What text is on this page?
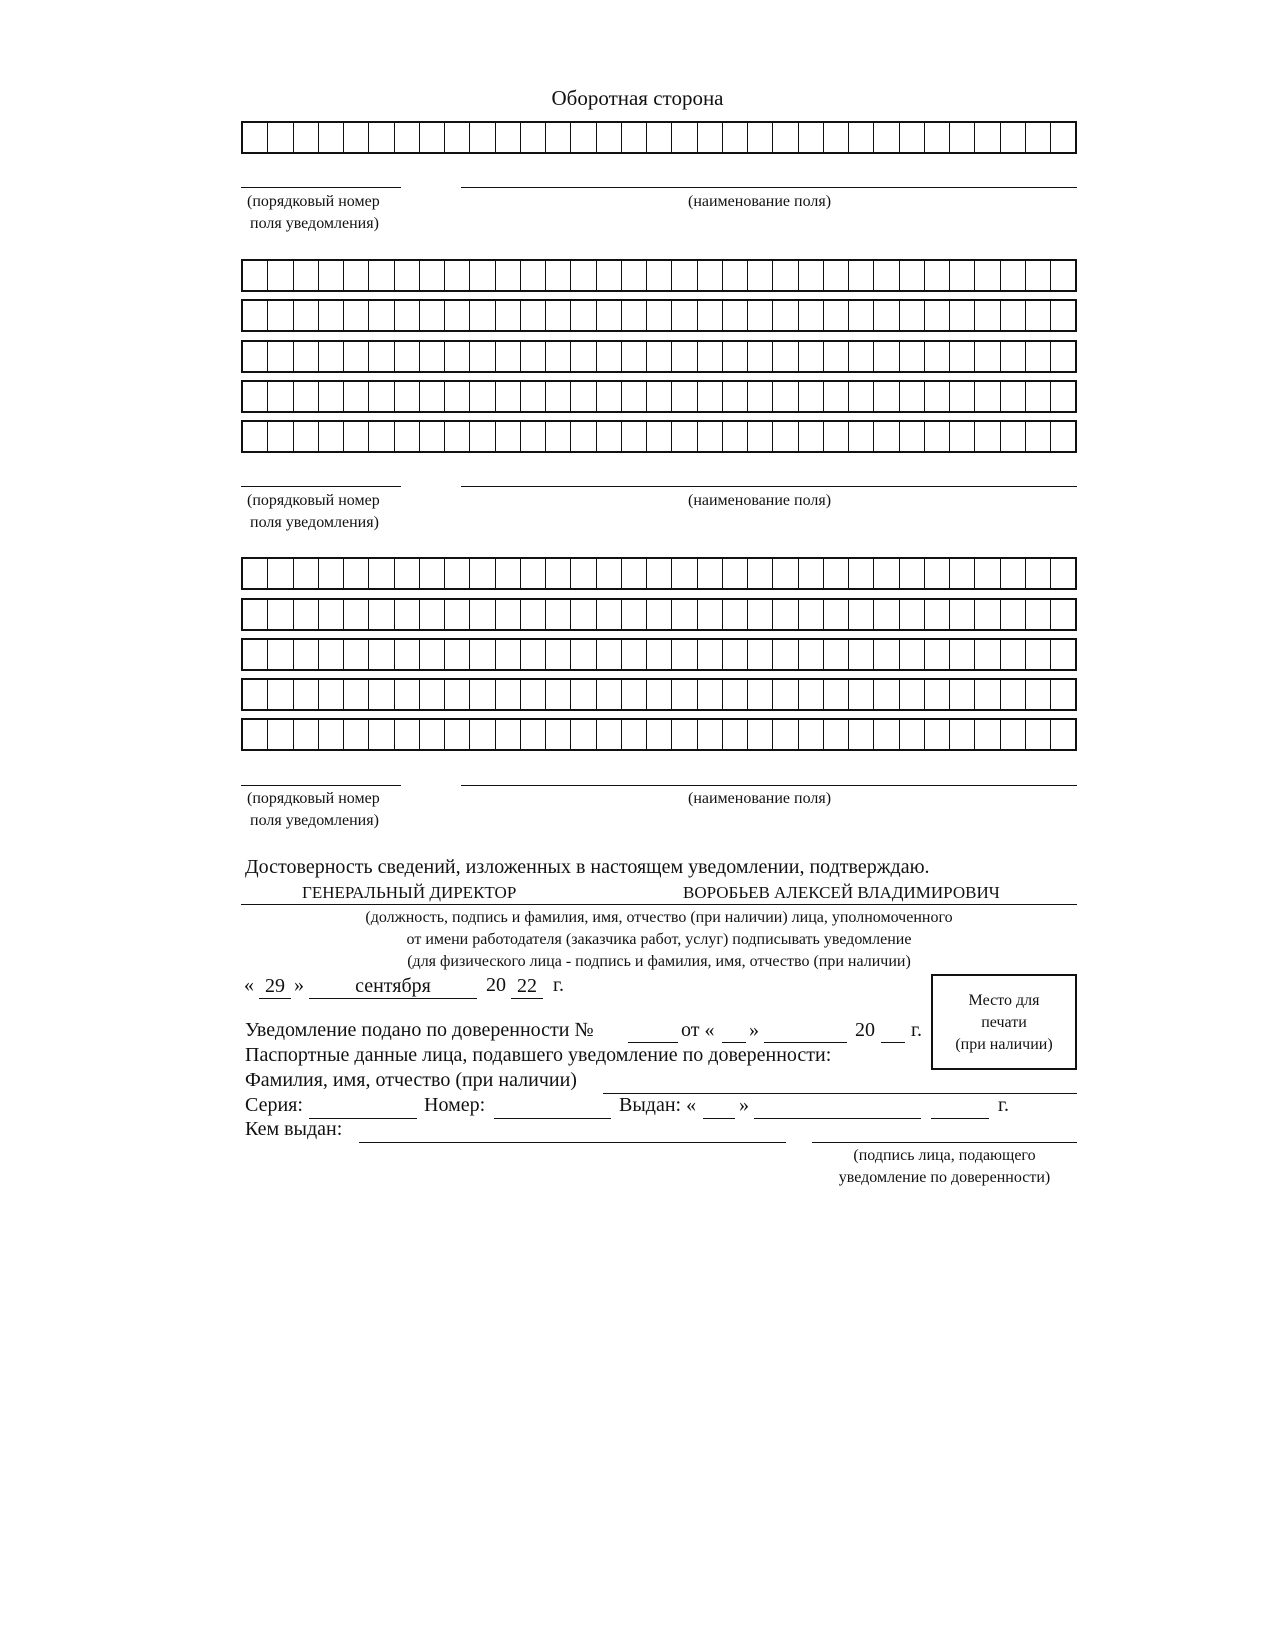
Оборотная сторона
(порядковый номер
поля уведомления)
(наименование поля)
(порядковый номер
поля уведомления)
(наименование поля)
(порядковый номер
поля уведомления)
(наименование поля)
Достоверность сведений, изложенных в настоящем уведомлении, подтверждаю.
ГЕНЕРАЛЬНЫЙ ДИРЕКТОР	ВОРОБЬЕВ АЛЕКСЕЙ ВЛАДИМИРОВИЧ
(должность, подпись и фамилия, имя, отчество (при наличии) лица, уполномоченного
от имени работодателя (заказчика работ, услуг) подписывать уведомление
(для физического лица - подпись и фамилия, имя, отчество (при наличии)
« 29 »	сентября	20 22 г.
Место для
печати
(при наличии)
Уведомление подано по доверенности №	от « »	20 г.
Паспортные данные лица, подавшего уведомление по доверенности:
Фамилия, имя, отчество (при наличии)
Серия:	Номер:	Выдан: « »	г.
Кем выдан:
(подпись лица, подающего
уведомление по доверенности)
